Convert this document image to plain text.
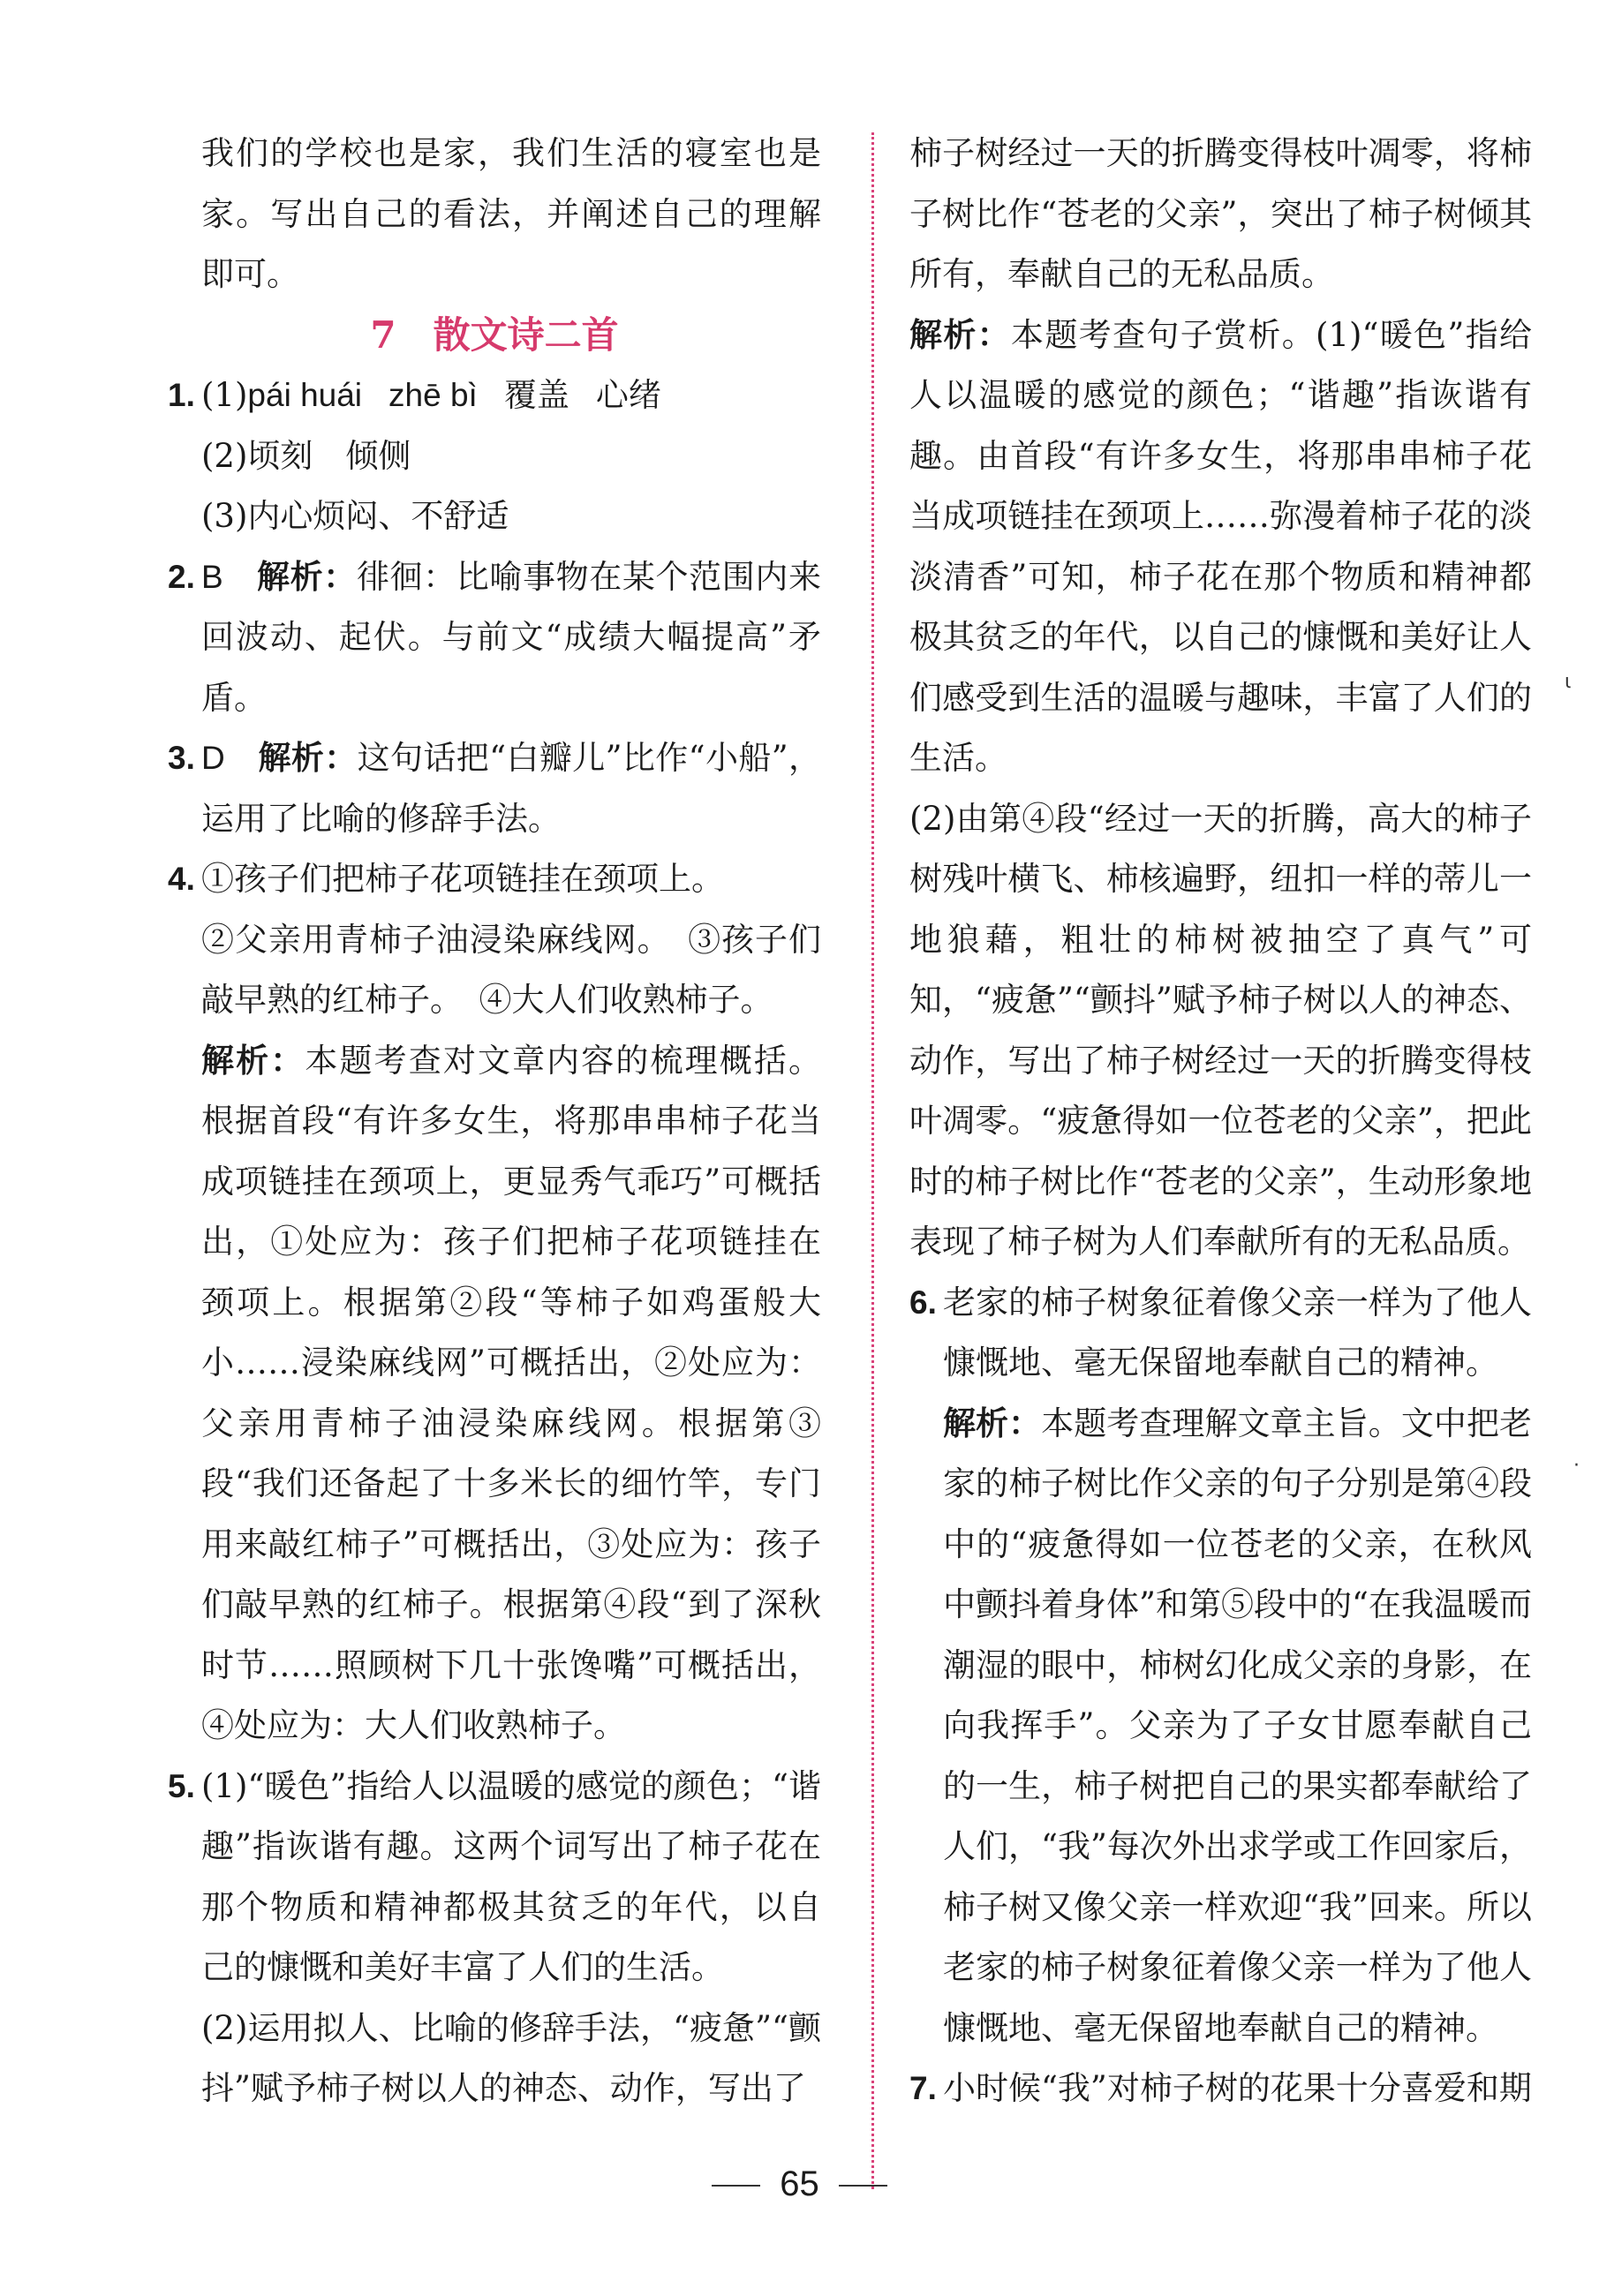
我们的学校也是家，我们生活的寝室也是家。写出自己的看法，并阐述自己的理解即可。

7　散文诗二首

1. (1)pái huái zhē bì 覆盖 心绪

(2)顷刻　倾侧

(3)内心烦闷、不舒适

2. B　 解析：徘徊：比喻事物在某个范围内来回波动、起伏。与前文“成绩大幅提高”矛盾。

3. D　 解析：这句话把“白瓣儿”比作“小船”，运用了比喻的修辞手法。

4. ①孩子们把柿子花项链挂在颈项上。

②父亲用青柿子油浸染麻线网。　③孩子们敲早熟的红柿子。　④大人们收熟柿子。

解析：本题考查对文章内容的梳理概括。根据首段“有许多女生，将那串串柿子花当成项链挂在颈项上，更显秀气乖巧”可概括出，①处应为：孩子们把柿子花项链挂在颈项上。根据第②段“等柿子如鸡蛋般大小……浸染麻线网”可概括出，②处应为：父亲用青柿子油浸染麻线网。根据第③段“我们还备起了十多米长的细竹竿，专门用来敲红柿子”可概括出，③处应为：孩子们敲早熟的红柿子。根据第④段“到了深秋时节……照顾树下几十张馋嘴”可概括出，④处应为：大人们收熟柿子。

5. (1)“暖色”指给人以温暖的感觉的颜色；“谐趣”指诙谐有趣。这两个词写出了柿子花在那个物质和精神都极其贫乏的年代，以自己的慷慨和美好丰富了人们的生活。

(2)运用拟人、比喻的修辞手法，“疲惫”“颤抖”赋予柿子树以人的神态、动作，写出了

柿子树经过一天的折腾变得枝叶凋零，将柿子树比作“苍老的父亲”，突出了柿子树倾其所有，奉献自己的无私品质。

解析：本题考查句子赏析。(1)“暖色”指给人以温暖的感觉的颜色；“谐趣”指诙谐有趣。由首段“有许多女生，将那串串柿子花当成项链挂在颈项上……弥漫着柿子花的淡淡清香”可知，柿子花在那个物质和精神都极其贫乏的年代，以自己的慷慨和美好让人们感受到生活的温暖与趣味，丰富了人们的生活。

(2)由第④段“经过一天的折腾，高大的柿子树残叶横飞、柿核遍野，纽扣一样的蒂儿一地狼藉，粗壮的柿树被抽空了真气”可知，“疲惫”“颤抖”赋予柿子树以人的神态、动作，写出了柿子树经过一天的折腾变得枝叶凋零。“疲惫得如一位苍老的父亲”，把此时的柿子树比作“苍老的父亲”，生动形象地表现了柿子树为人们奉献所有的无私品质。

6. 老家的柿子树象征着像父亲一样为了他人慷慨地、毫无保留地奉献自己的精神。

解析：本题考查理解文章主旨。文中把老家的柿子树比作父亲的句子分别是第④段中的“疲惫得如一位苍老的父亲，在秋风中颤抖着身体”和第⑤段中的“在我温暖而潮湿的眼中，柿树幻化成父亲的身影，在向我挥手”。父亲为了子女甘愿奉献自己的一生，柿子树把自己的果实都奉献给了人们，“我”每次外出求学或工作回家后，柿子树又像父亲一样欢迎“我”回来。所以老家的柿子树象征着像父亲一样为了他人慷慨地、毫无保留地奉献自己的精神。

7. 小时候“我”对柿子树的花果十分喜爱和期

ι
·
65
